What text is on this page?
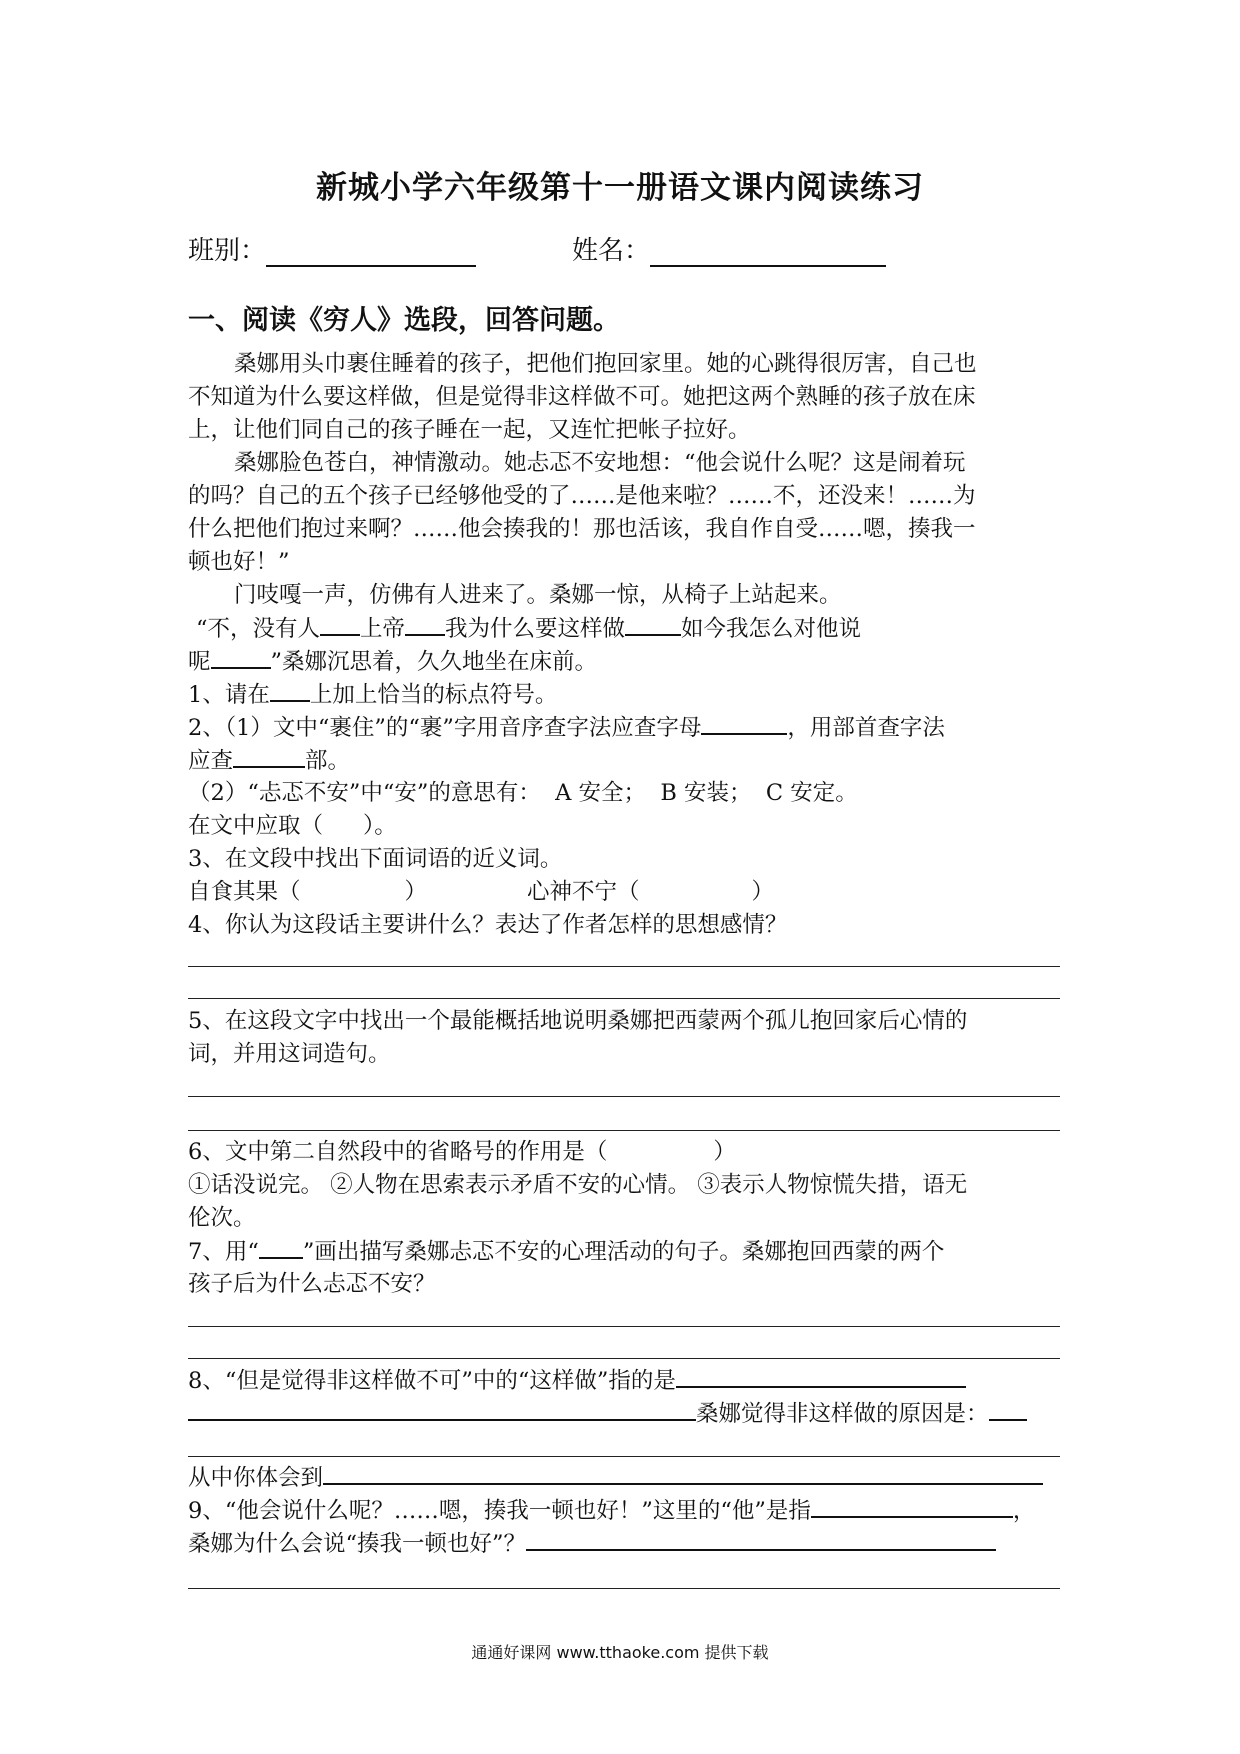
新城小学六年级第十一册语文课内阅读练习
班别：	姓名：
一、阅读《穷人》选段，回答问题。
桑娜用头巾裹住睡着的孩子，把他们抱回家里。她的心跳得很厉害，自己也
不知道为什么要这样做，但是觉得非这样做不可。她把这两个熟睡的孩子放在床
上，让他们同自己的孩子睡在一起，又连忙把帐子拉好。
桑娜脸色苍白，神情激动。她忐忑不安地想：“他会说什么呢？这是闹着玩
的吗？自己的五个孩子已经够他受的了……是他来啦？……不，还没来！……为
什么把他们抱过来啊？……他会揍我的！那也活该，我自作自受……嗯，揍我一
顿也好！”
门吱嘎一声，仿佛有人进来了。桑娜一惊，从椅子上站起来。
“不，没有人 上帝 我为什么要这样做 如今我怎么对他说
呢	”桑娜沉思着，久久地坐在床前。
1、请在 上加上恰当的标点符号。
2、（1）文中“裹住”的“裹”字用音序查字法应查字母	，用部首查字法
应查	部。
（2）“忐忑不安”中“安”的意思有： A 安全； B 安装； C 安定。
在文中应取（ ）。
3、在文段中找出下面词语的近义词。
自食其果（	）	心神不宁（	）
4、你认为这段话主要讲什么？表达了作者怎样的思想感情？
5、在这段文字中找出一个最能概括地说明桑娜把西蒙两个孤儿抱回家后心情的
词，并用这词造句。
6、文中第二自然段中的省略号的作用是（	）
①话没说完。 ②人物在思索表示矛盾不安的心情。 ③表示人物惊慌失措，语无
伦次。
7、用“ ”画出描写桑娜忐忑不安的心理活动的句子。桑娜抱回西蒙的两个
孩子后为什么忐忑不安？
8、“但是觉得非这样做不可”中的“这样做”指的是
桑娜觉得非这样做的原因是：
从中你体会到
9、“他会说什么呢？……嗯，揍我一顿也好！”这里的“他”是指	，
桑娜为什么会说“揍我一顿也好”？
通通好课网 www.tthaoke.com 提供下载
